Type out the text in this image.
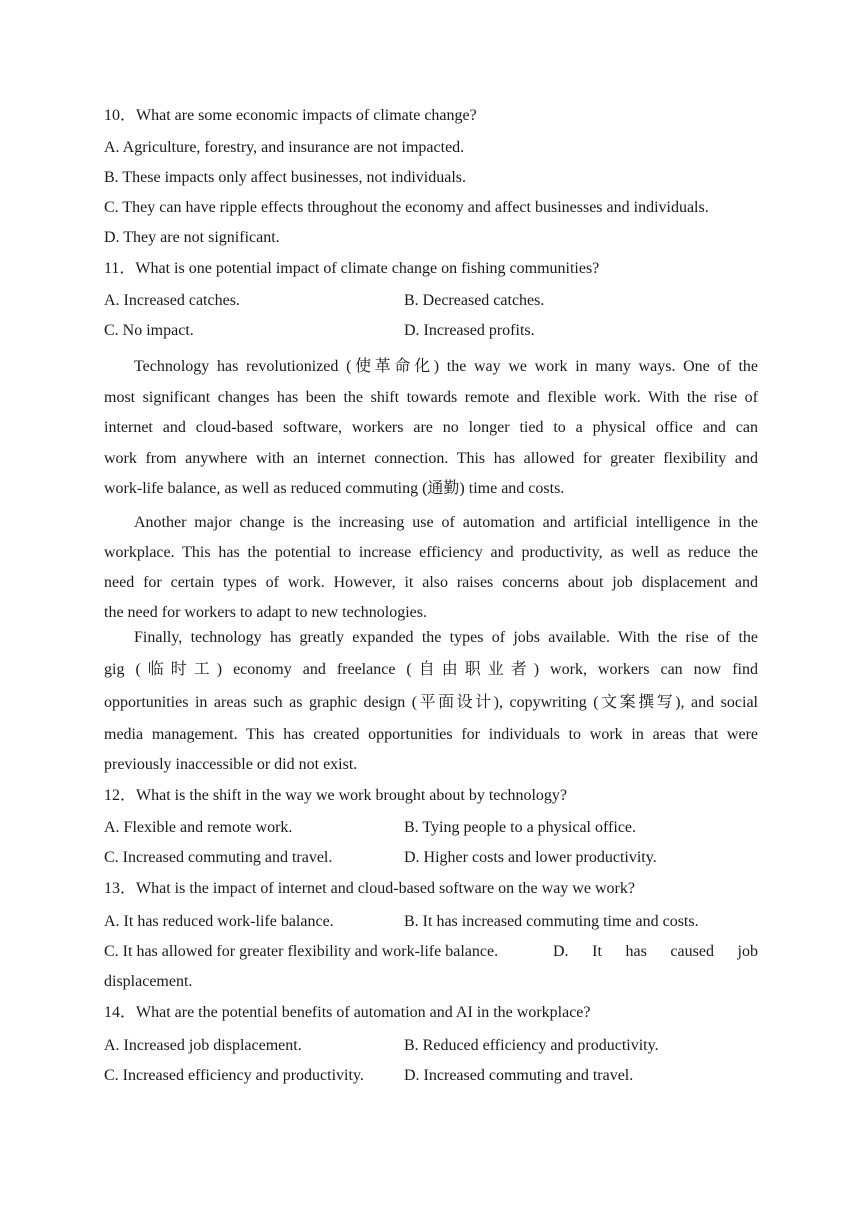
10．What are some economic impacts of climate change?
A. Agriculture, forestry, and insurance are not impacted.
B. These impacts only affect businesses, not individuals.
C. They can have ripple effects throughout the economy and affect businesses and individuals.
D. They are not significant.
11．What is one potential impact of climate change on fishing communities?
A. Increased catches.	B. Decreased catches.
C. No impact.	D. Increased profits.

Technology has revolutionized (使革命化) the way we work in many ways. One of the

most significant changes has been the shift towards remote and flexible work. With the rise of

internet and cloud-based software, workers are no longer tied to a physical office and can

work from anywhere with an internet connection. This has allowed for greater flexibility and

work-life balance, as well as reduced commuting (通勤) time and costs.

Another major change is the increasing use of automation and artificial intelligence in the

workplace. This has the potential to increase efficiency and productivity, as well as reduce the

need for certain types of work. However, it also raises concerns about job displacement and

the need for workers to adapt to new technologies.

Finally, technology has greatly expanded the types of jobs available. With the rise of the

gig (临时工) economy and freelance (自由职业者) work, workers can now find

opportunities in areas such as graphic design (平面设计), copywriting (文案撰写), and social

media management. This has created opportunities for individuals to work in areas that were

previously inaccessible or did not exist.

12．What is the shift in the way we work brought about by technology?
A. Flexible and remote work.	B. Tying people to a physical office.
C. Increased commuting and travel.	D. Higher costs and lower productivity.
13．What is the impact of internet and cloud-based software on the way we work?
A. It has reduced work-life balance.	B. It has increased commuting time and costs.
C. It has allowed for greater flexibility and work-life balance.	D. It has caused job
displacement.
14．What are the potential benefits of automation and AI in the workplace?
A. Increased job displacement.	B. Reduced efficiency and productivity.
C. Increased efficiency and productivity.	D. Increased commuting and travel.
